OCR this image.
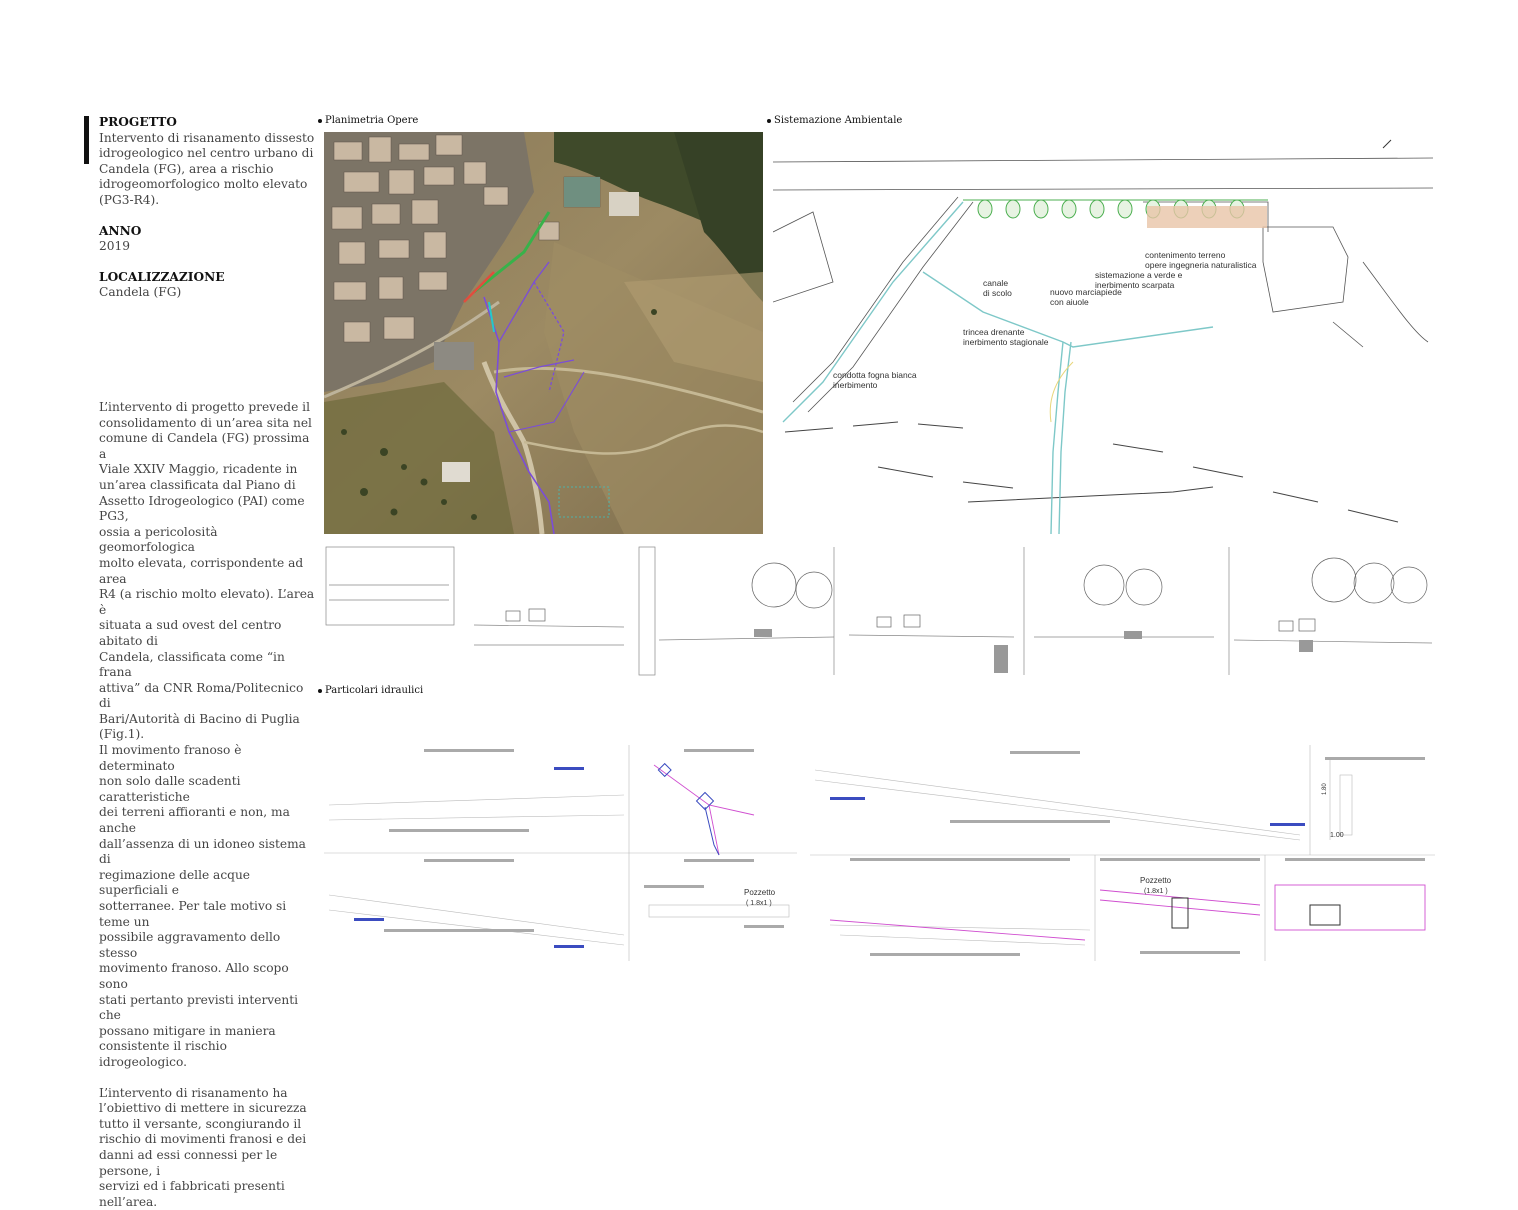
PROGETTO
Intervento di risanamento dissesto
idrogeologico nel centro urbano di
Candela (FG), area a rischio
idrogeomorfologico molto elevato
(PG3-R4).
ANNO
2019
LOCALIZZAZIONE
Candela (FG)
L’intervento di progetto prevede il
consolidamento di un’area sita nel
comune di Candela (FG) prossima a
Viale XXIV Maggio, ricadente in
un’area classificata dal Piano di
Assetto Idrogeologico (PAI) come PG3,
ossia a pericolosità geomorfologica
molto elevata, corrispondente ad area
R4 (a rischio molto elevato). L’area è
situata a sud ovest del centro abitato di
Candela, classificata come “in frana
attiva” da CNR Roma/Politecnico di
Bari/Autorità di Bacino di Puglia
(Fig.1).
Il movimento franoso è determinato
non solo dalle scadenti caratteristiche
dei terreni affioranti e non, ma anche
dall’assenza di un idoneo sistema di
regimazione delle acque superficiali e
sotterranee. Per tale motivo si teme un
possibile aggravamento dello stesso
movimento franoso. Allo scopo sono
stati pertanto previsti interventi che
possano mitigare in maniera
consistente il rischio idrogeologico.
L’intervento di risanamento ha
l’obiettivo di mettere in sicurezza
tutto il versante, scongiurando il
rischio di movimenti franosi e dei
danni ad essi connessi per le persone, i
servizi ed i fabbricati presenti
nell’area.
Planimetria Opere	Sistemazione Ambientale
Particolari idraulici
contenimento terreno
opere ingegneria naturalistica
sistemazione a verde e
inerbimento scarpata
canale
di scolo	nuovo marciapiede
con aiuole
trincea drenante
inerbimento stagionale
condotta fogna bianca
inerbimento
Pozzetto
( 1.8x1 )
1.80
1.00
Pozzetto
(1.8x1 )
